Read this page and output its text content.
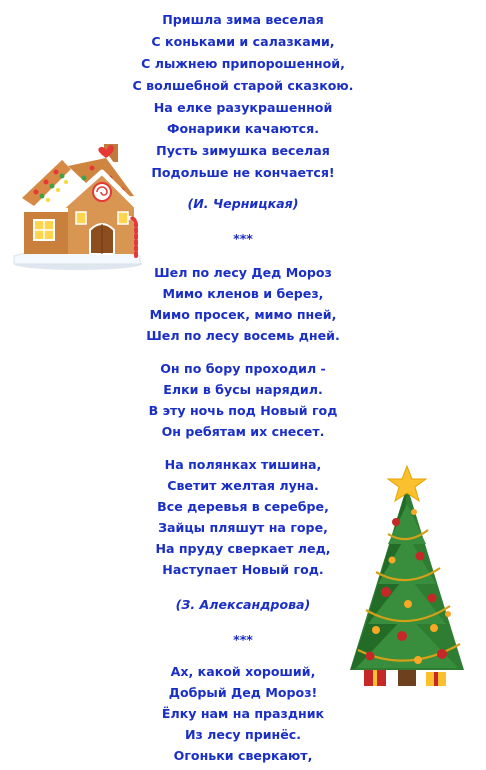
Пришла зима веселая
С коньками и салазками,
С лыжнею припорошенной,
С волшебной старой сказкою.
На елке разукрашенной
Фонарики качаются.
Пусть зимушка веселая
Подольше не кончается!
(И. Черницкая)
***
Шел по лесу Дед Мороз
Мимо кленов и берез,
Мимо просек, мимо пней,
Шел по лесу восемь дней.
Он по бору проходил -
Елки в бусы нарядил.
В эту ночь под Новый год
Он ребятам их снесет.
На полянках тишина,
Светит желтая луна.
Все деревья в серебре,
Зайцы пляшут на горе,
На пруду сверкает лед,
Наступает Новый год.
(З. Александрова)
***
Ах, какой хороший,
Добрый Дед Мороз!
Ёлку нам на праздник
Из лесу принёс.
Огоньки сверкают,
